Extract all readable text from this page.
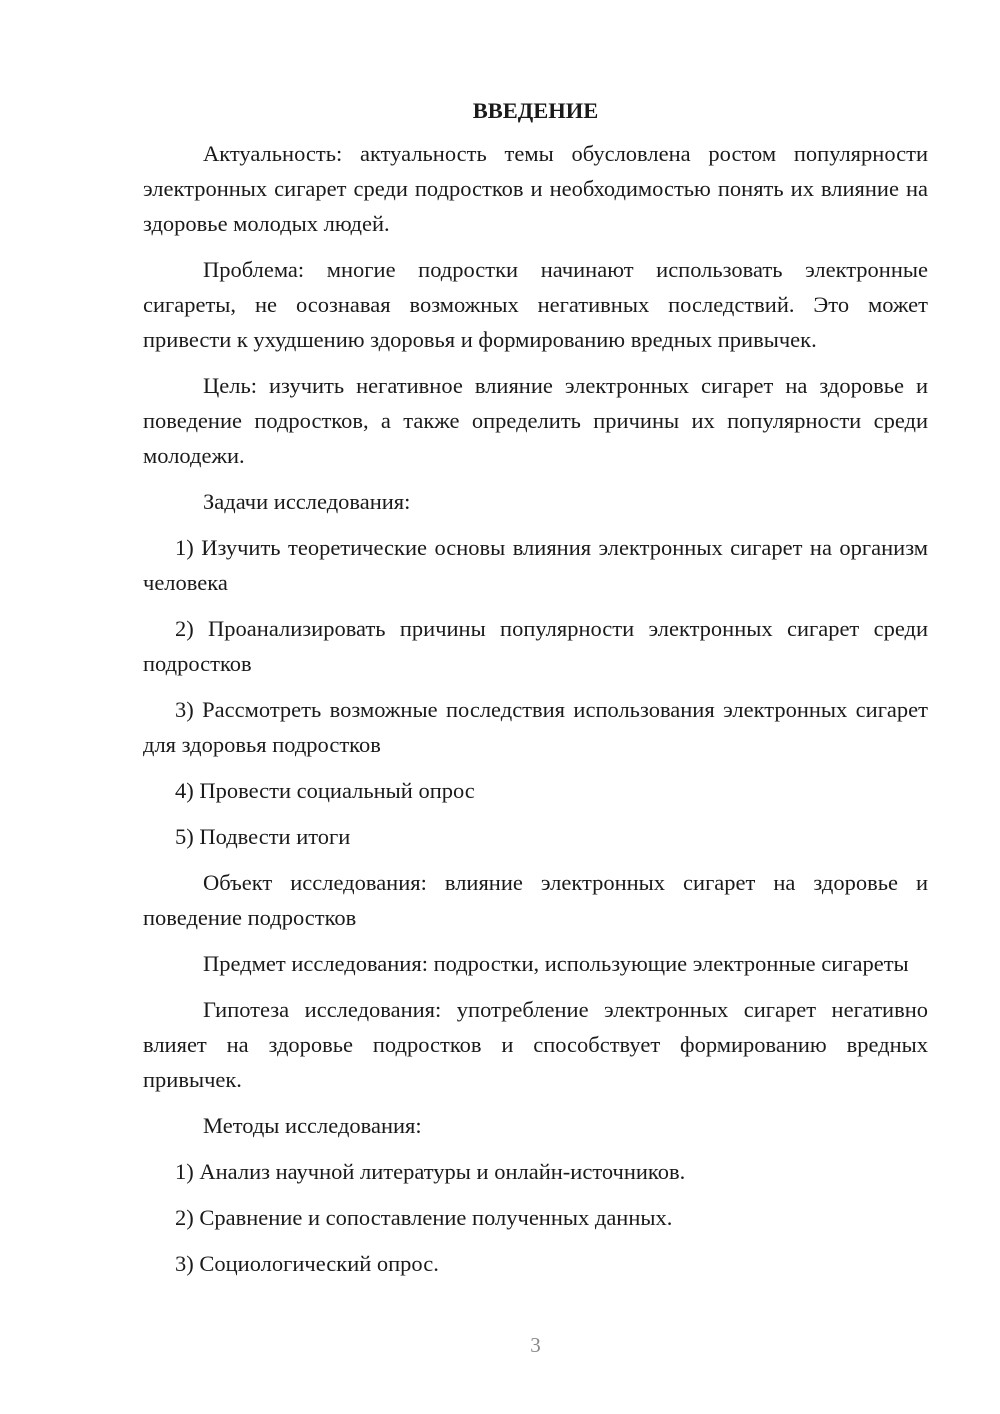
ВВЕДЕНИЕ

Актуальность: актуальность темы обусловлена ростом популярности электронных сигарет среди подростков и необходимостью понять их влияние на здоровье молодых людей.

Проблема: многие подростки начинают использовать электронные сигареты, не осознавая возможных негативных последствий. Это может привести к ухудшению здоровья и формированию вредных привычек.

Цель: изучить негативное влияние электронных сигарет на здоровье и поведение подростков, а также определить причины их популярности среди молодежи.

Задачи исследования:

1) Изучить теоретические основы влияния электронных сигарет на организм человека

2) Проанализировать причины популярности электронных сигарет среди подростков

3) Рассмотреть возможные последствия использования электронных сигарет для здоровья подростков

4) Провести социальный опрос

5) Подвести итоги

Объект исследования: влияние электронных сигарет на здоровье и поведение подростков

Предмет исследования: подростки, использующие электронные сигареты

Гипотеза исследования: употребление электронных сигарет негативно влияет на здоровье подростков и способствует формированию вредных привычек.

Методы исследования:

1) Анализ научной литературы и онлайн-источников.

2) Сравнение и сопоставление полученных данных.

3) Социологический опрос.

3
